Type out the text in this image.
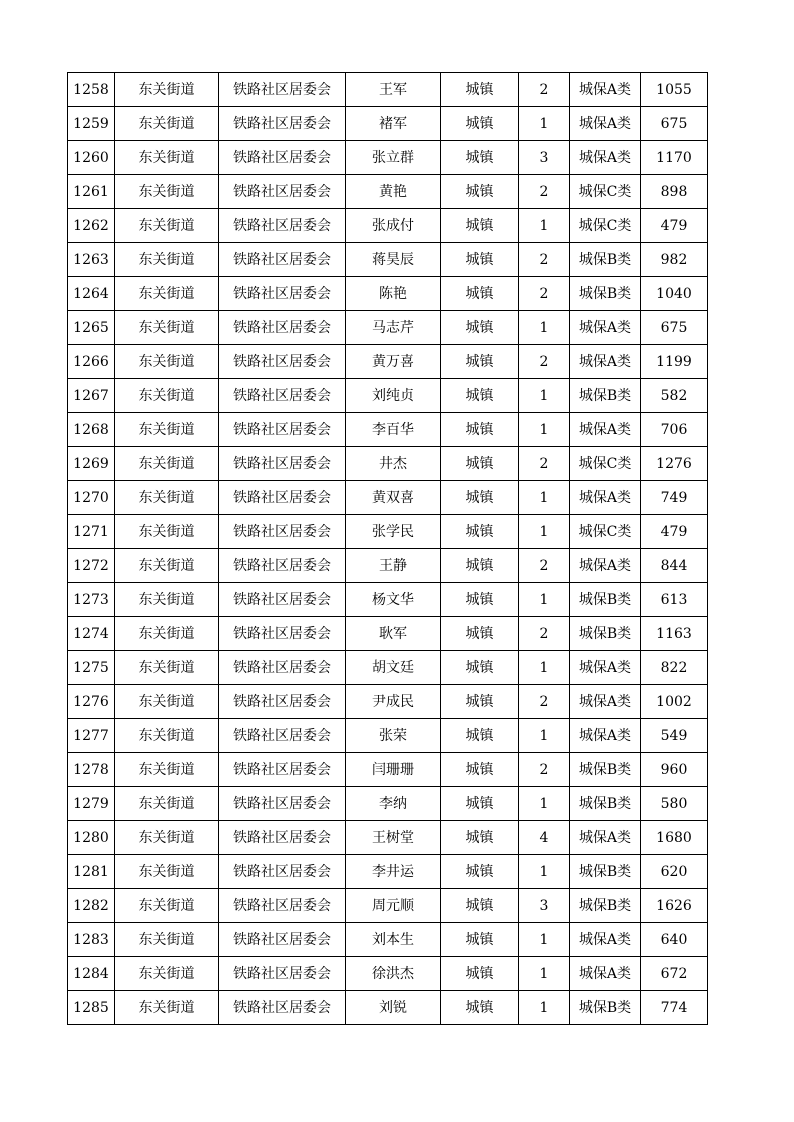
1258	东关街道	铁路社区居委会	王军	城镇	2	城保A类	1055
1259	东关街道	铁路社区居委会	褚军	城镇	1	城保A类	675
1260	东关街道	铁路社区居委会	张立群	城镇	3	城保A类	1170
1261	东关街道	铁路社区居委会	黄艳	城镇	2	城保C类	898
1262	东关街道	铁路社区居委会	张成付	城镇	1	城保C类	479
1263	东关街道	铁路社区居委会	蒋昊辰	城镇	2	城保B类	982
1264	东关街道	铁路社区居委会	陈艳	城镇	2	城保B类	1040
1265	东关街道	铁路社区居委会	马志芹	城镇	1	城保A类	675
1266	东关街道	铁路社区居委会	黄万喜	城镇	2	城保A类	1199
1267	东关街道	铁路社区居委会	刘纯贞	城镇	1	城保B类	582
1268	东关街道	铁路社区居委会	李百华	城镇	1	城保A类	706
1269	东关街道	铁路社区居委会	井杰	城镇	2	城保C类	1276
1270	东关街道	铁路社区居委会	黄双喜	城镇	1	城保A类	749
1271	东关街道	铁路社区居委会	张学民	城镇	1	城保C类	479
1272	东关街道	铁路社区居委会	王静	城镇	2	城保A类	844
1273	东关街道	铁路社区居委会	杨文华	城镇	1	城保B类	613
1274	东关街道	铁路社区居委会	耿军	城镇	2	城保B类	1163
1275	东关街道	铁路社区居委会	胡文廷	城镇	1	城保A类	822
1276	东关街道	铁路社区居委会	尹成民	城镇	2	城保A类	1002
1277	东关街道	铁路社区居委会	张荣	城镇	1	城保A类	549
1278	东关街道	铁路社区居委会	闫珊珊	城镇	2	城保B类	960
1279	东关街道	铁路社区居委会	李纳	城镇	1	城保B类	580
1280	东关街道	铁路社区居委会	王树堂	城镇	4	城保A类	1680
1281	东关街道	铁路社区居委会	李井运	城镇	1	城保B类	620
1282	东关街道	铁路社区居委会	周元顺	城镇	3	城保B类	1626
1283	东关街道	铁路社区居委会	刘本生	城镇	1	城保A类	640
1284	东关街道	铁路社区居委会	徐洪杰	城镇	1	城保A类	672
1285	东关街道	铁路社区居委会	刘锐	城镇	1	城保B类	774
